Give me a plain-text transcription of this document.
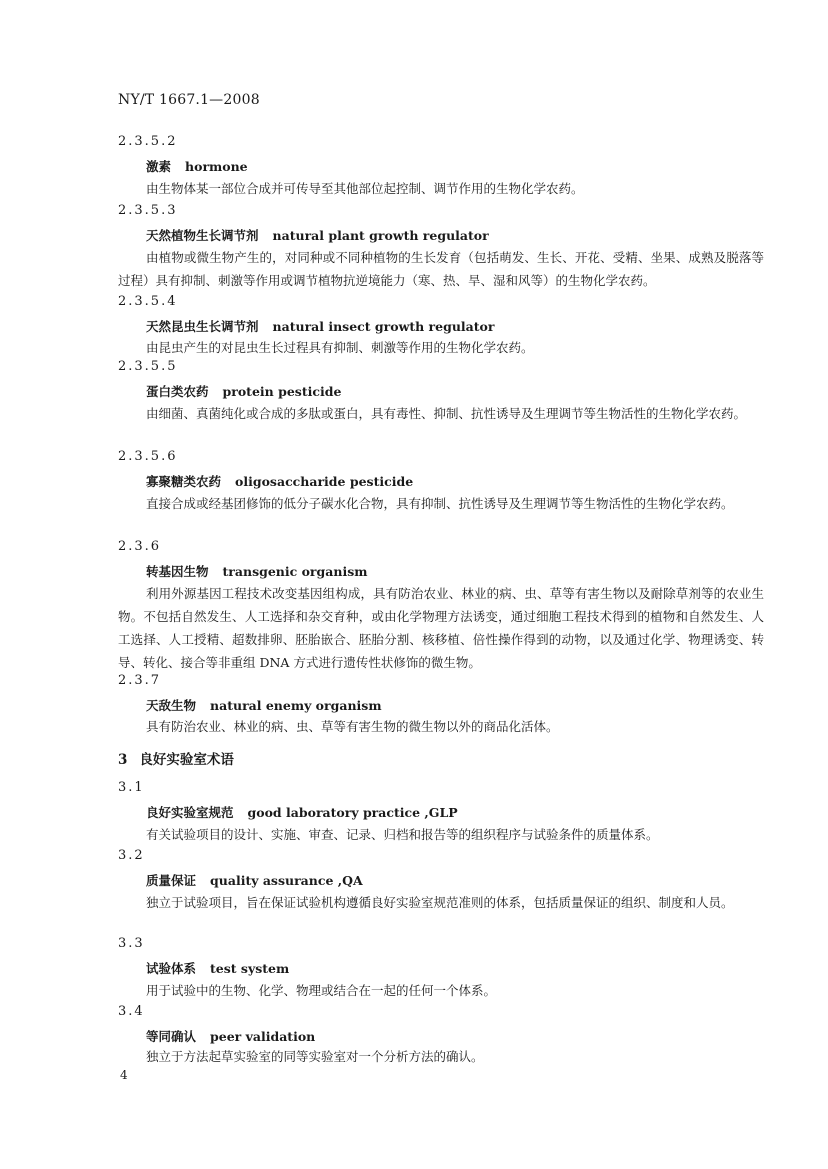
NY/T 1667.1—2008
2.3.5.2
激素 hormone
由生物体某一部位合成并可传导至其他部位起控制、调节作用的生物化学农药。
2.3.5.3
天然植物生长调节剂 natural plant growth regulator
由植物或微生物产生的，对同种或不同种植物的生长发育（包括萌发、生长、开花、受精、坐果、成熟及脱落等过程）具有抑制、刺激等作用或调节植物抗逆境能力（寒、热、旱、湿和风等）的生物化学农药。
2.3.5.4
天然昆虫生长调节剂 natural insect growth regulator
由昆虫产生的对昆虫生长过程具有抑制、刺激等作用的生物化学农药。
2.3.5.5
蛋白类农药 protein pesticide
由细菌、真菌纯化或合成的多肽或蛋白，具有毒性、抑制、抗性诱导及生理调节等生物活性的生物化学农药。
2.3.5.6
寡聚糖类农药 oligosaccharide pesticide
直接合成或经基团修饰的低分子碳水化合物，具有抑制、抗性诱导及生理调节等生物活性的生物化学农药。
2.3.6
转基因生物 transgenic organism
利用外源基因工程技术改变基因组构成，具有防治农业、林业的病、虫、草等有害生物以及耐除草剂等的农业生物。不包括自然发生、人工选择和杂交育种，或由化学物理方法诱变，通过细胞工程技术得到的植物和自然发生、人工选择、人工授精、超数排卵、胚胎嵌合、胚胎分割、核移植、倍性操作得到的动物，以及通过化学、物理诱变、转导、转化、接合等非重组 DNA 方式进行遗传性状修饰的微生物。
2.3.7
天敌生物 natural enemy organism
具有防治农业、林业的病、虫、草等有害生物的微生物以外的商品化活体。
3 良好实验室术语
3.1
良好实验室规范 good laboratory practice ,GLP
有关试验项目的设计、实施、审查、记录、归档和报告等的组织程序与试验条件的质量体系。
3.2
质量保证 quality assurance ,QA
独立于试验项目，旨在保证试验机构遵循良好实验室规范准则的体系，包括质量保证的组织、制度和人员。
3.3
试验体系 test system
用于试验中的生物、化学、物理或结合在一起的任何一个体系。
3.4
等同确认 peer validation
独立于方法起草实验室的同等实验室对一个分析方法的确认。
4
